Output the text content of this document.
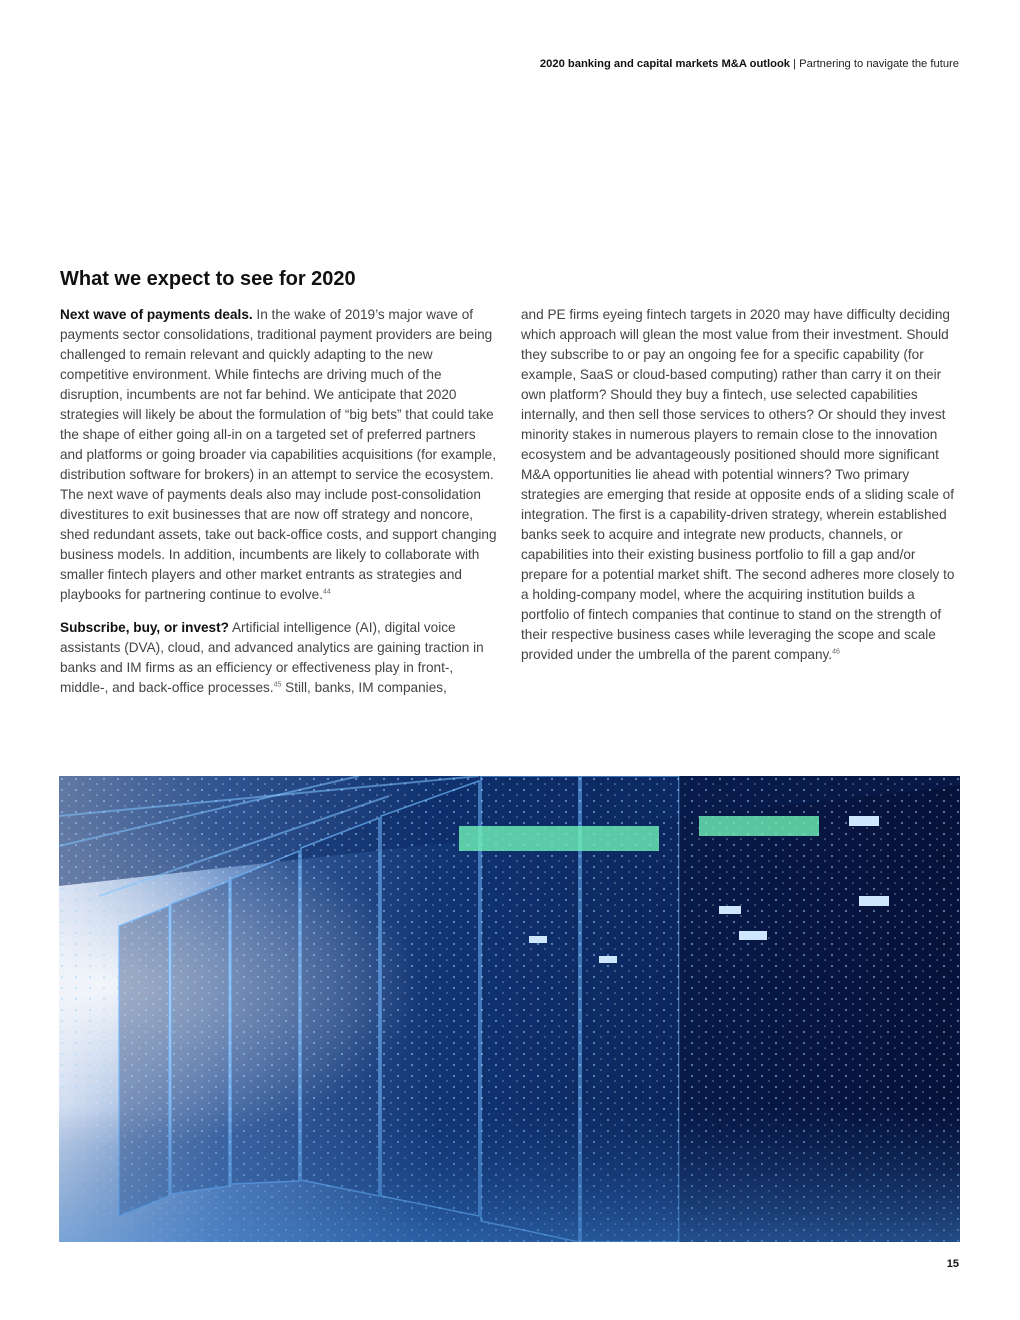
2020 banking and capital markets M&A outlook | Partnering to navigate the future
What we expect to see for 2020

Next wave of payments deals. In the wake of 2019’s major wave of payments sector consolidations, traditional payment providers are being challenged to remain relevant and quickly adapting to the new competitive environment. While fintechs are driving much of the disruption, incumbents are not far behind. We anticipate that 2020 strategies will likely be about the formulation of “big bets” that could take the shape of either going all-in on a targeted set of preferred partners and platforms or going broader via capabilities acquisitions (for example, distribution software for brokers) in an attempt to service the ecosystem. The next wave of payments deals also may include post-consolidation divestitures to exit businesses that are now off strategy and noncore, shed redundant assets, take out back-office costs, and support changing business models. In addition, incumbents are likely to collaborate with smaller fintech players and other market entrants as strategies and playbooks for partnering continue to evolve.$^{44}$

Subscribe, buy, or invest? Artificial intelligence (AI), digital voice assistants (DVA), cloud, and advanced analytics are gaining traction in banks and IM firms as an efficiency or effectiveness play in front-, middle-, and back-office processes.$^{45}$ Still, banks, IM companies,

and PE firms eyeing fintech targets in 2020 may have difficulty deciding which approach will glean the most value from their investment. Should they subscribe to or pay an ongoing fee for a specific capability (for example, SaaS or cloud-based computing) rather than carry it on their own platform? Should they buy a fintech, use selected capabilities internally, and then sell those services to others? Or should they invest minority stakes in numerous players to remain close to the innovation ecosystem and be advantageously positioned should more significant M&A opportunities lie ahead with potential winners? Two primary strategies are emerging that reside at opposite ends of a sliding scale of integration. The first is a capability-driven strategy, wherein established banks seek to acquire and integrate new products, channels, or capabilities into their existing business portfolio to fill a gap and/or prepare for a potential market shift. The second adheres more closely to a holding-company model, where the acquiring institution builds a portfolio of fintech companies that continue to stand on the strength of their respective business cases while leveraging the scope and scale provided under the umbrella of the parent company.$^{46}$

15
